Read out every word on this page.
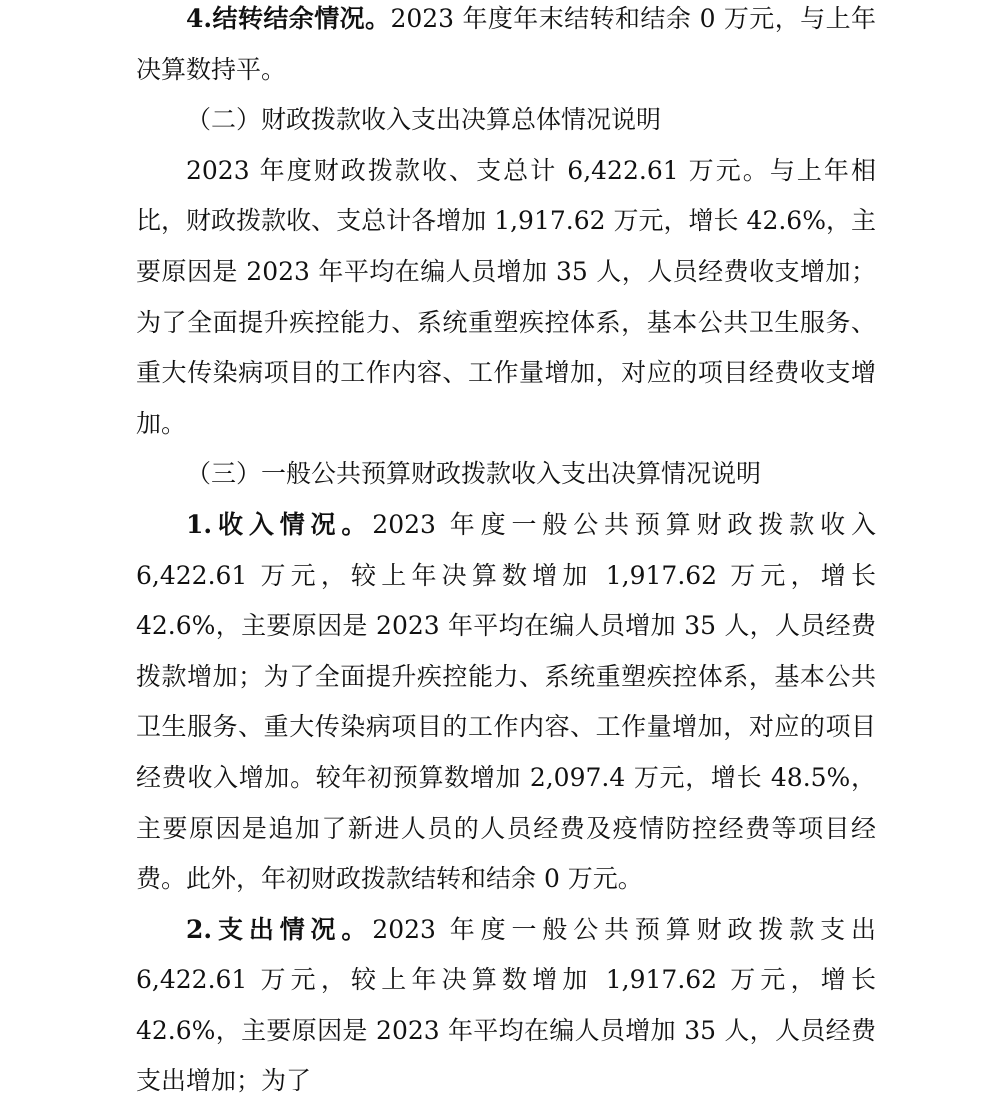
4.结转结余情况。2023 年度年末结转和结余 0 万元，与上年决算数持平。

（二）财政拨款收入支出决算总体情况说明

2023 年度财政拨款收、支总计 6,422.61 万元。与上年相比，财政拨款收、支总计各增加 1,917.62 万元，增长 42.6%，主要原因是 2023 年平均在编人员增加 35 人，人员经费收支增加；为了全面提升疾控能力、系统重塑疾控体系，基本公共卫生服务、重大传染病项目的工作内容、工作量增加，对应的项目经费收支增加。

（三）一般公共预算财政拨款收入支出决算情况说明

1.收入情况。2023 年度一般公共预算财政拨款收入 6,422.61 万元，较上年决算数增加 1,917.62 万元，增长 42.6%，主要原因是 2023 年平均在编人员增加 35 人，人员经费拨款增加；为了全面提升疾控能力、系统重塑疾控体系，基本公共卫生服务、重大传染病项目的工作内容、工作量增加，对应的项目经费收入增加。较年初预算数增加 2,097.4 万元，增长 48.5%，主要原因是追加了新进人员的人员经费及疫情防控经费等项目经费。此外，年初财政拨款结转和结余 0 万元。

2.支出情况。2023 年度一般公共预算财政拨款支出 6,422.61 万元，较上年决算数增加 1,917.62 万元，增长 42.6%，主要原因是 2023 年平均在编人员增加 35 人，人员经费支出增加；为了
